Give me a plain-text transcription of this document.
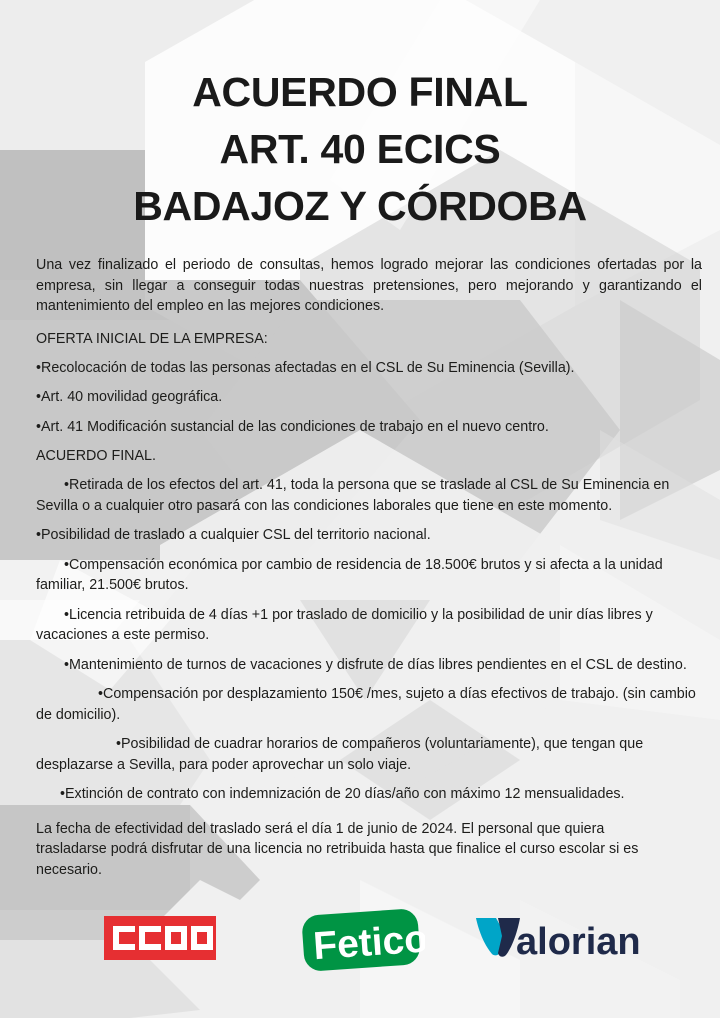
ACUERDO FINAL
ART. 40 ECICS
BADAJOZ Y CÓRDOBA

Una vez finalizado el periodo de consultas, hemos logrado mejorar las condiciones ofertadas por la empresa, sin llegar a conseguir todas nuestras pretensiones, pero mejorando y garantizando el mantenimiento del empleo en las mejores condiciones.

OFERTA INICIAL DE LA EMPRESA:

•Recolocación de todas las personas afectadas en el CSL de Su Eminencia (Sevilla).

•Art. 40 movilidad geográfica.

•Art. 41 Modificación sustancial de las condiciones de trabajo en el nuevo centro.

ACUERDO FINAL.

•Retirada de los efectos del art. 41, toda la persona que se traslade al CSL de Su Eminencia en Sevilla o a cualquier otro pasará con las condiciones laborales que tiene en este momento.

•Posibilidad de traslado a cualquier CSL del territorio nacional.

•Compensación económica por cambio de residencia de 18.500€ brutos y si afecta a la unidad familiar, 21.500€ brutos.

•Licencia retribuida de 4 días +1 por traslado de domicilio y la posibilidad de unir días libres y vacaciones a este permiso.

•Mantenimiento de turnos de vacaciones y disfrute de días libres pendientes en el CSL de destino.

•Compensación por desplazamiento 150€ /mes, sujeto a días efectivos de trabajo. (sin cambio de domicilio).

•Posibilidad de cuadrar horarios de compañeros (voluntariamente), que tengan que desplazarse a Sevilla, para poder aprovechar un solo viaje.

•Extinción de contrato con indemnización de 20 días/año con máximo 12 mensualidades.

La fecha de efectividad del traslado será el día 1 de junio de 2024. El personal que quiera

trasladarse podrá disfrutar de una licencia no retribuida hasta que finalice el curso escolar si es

necesario.

Fetico alorian
